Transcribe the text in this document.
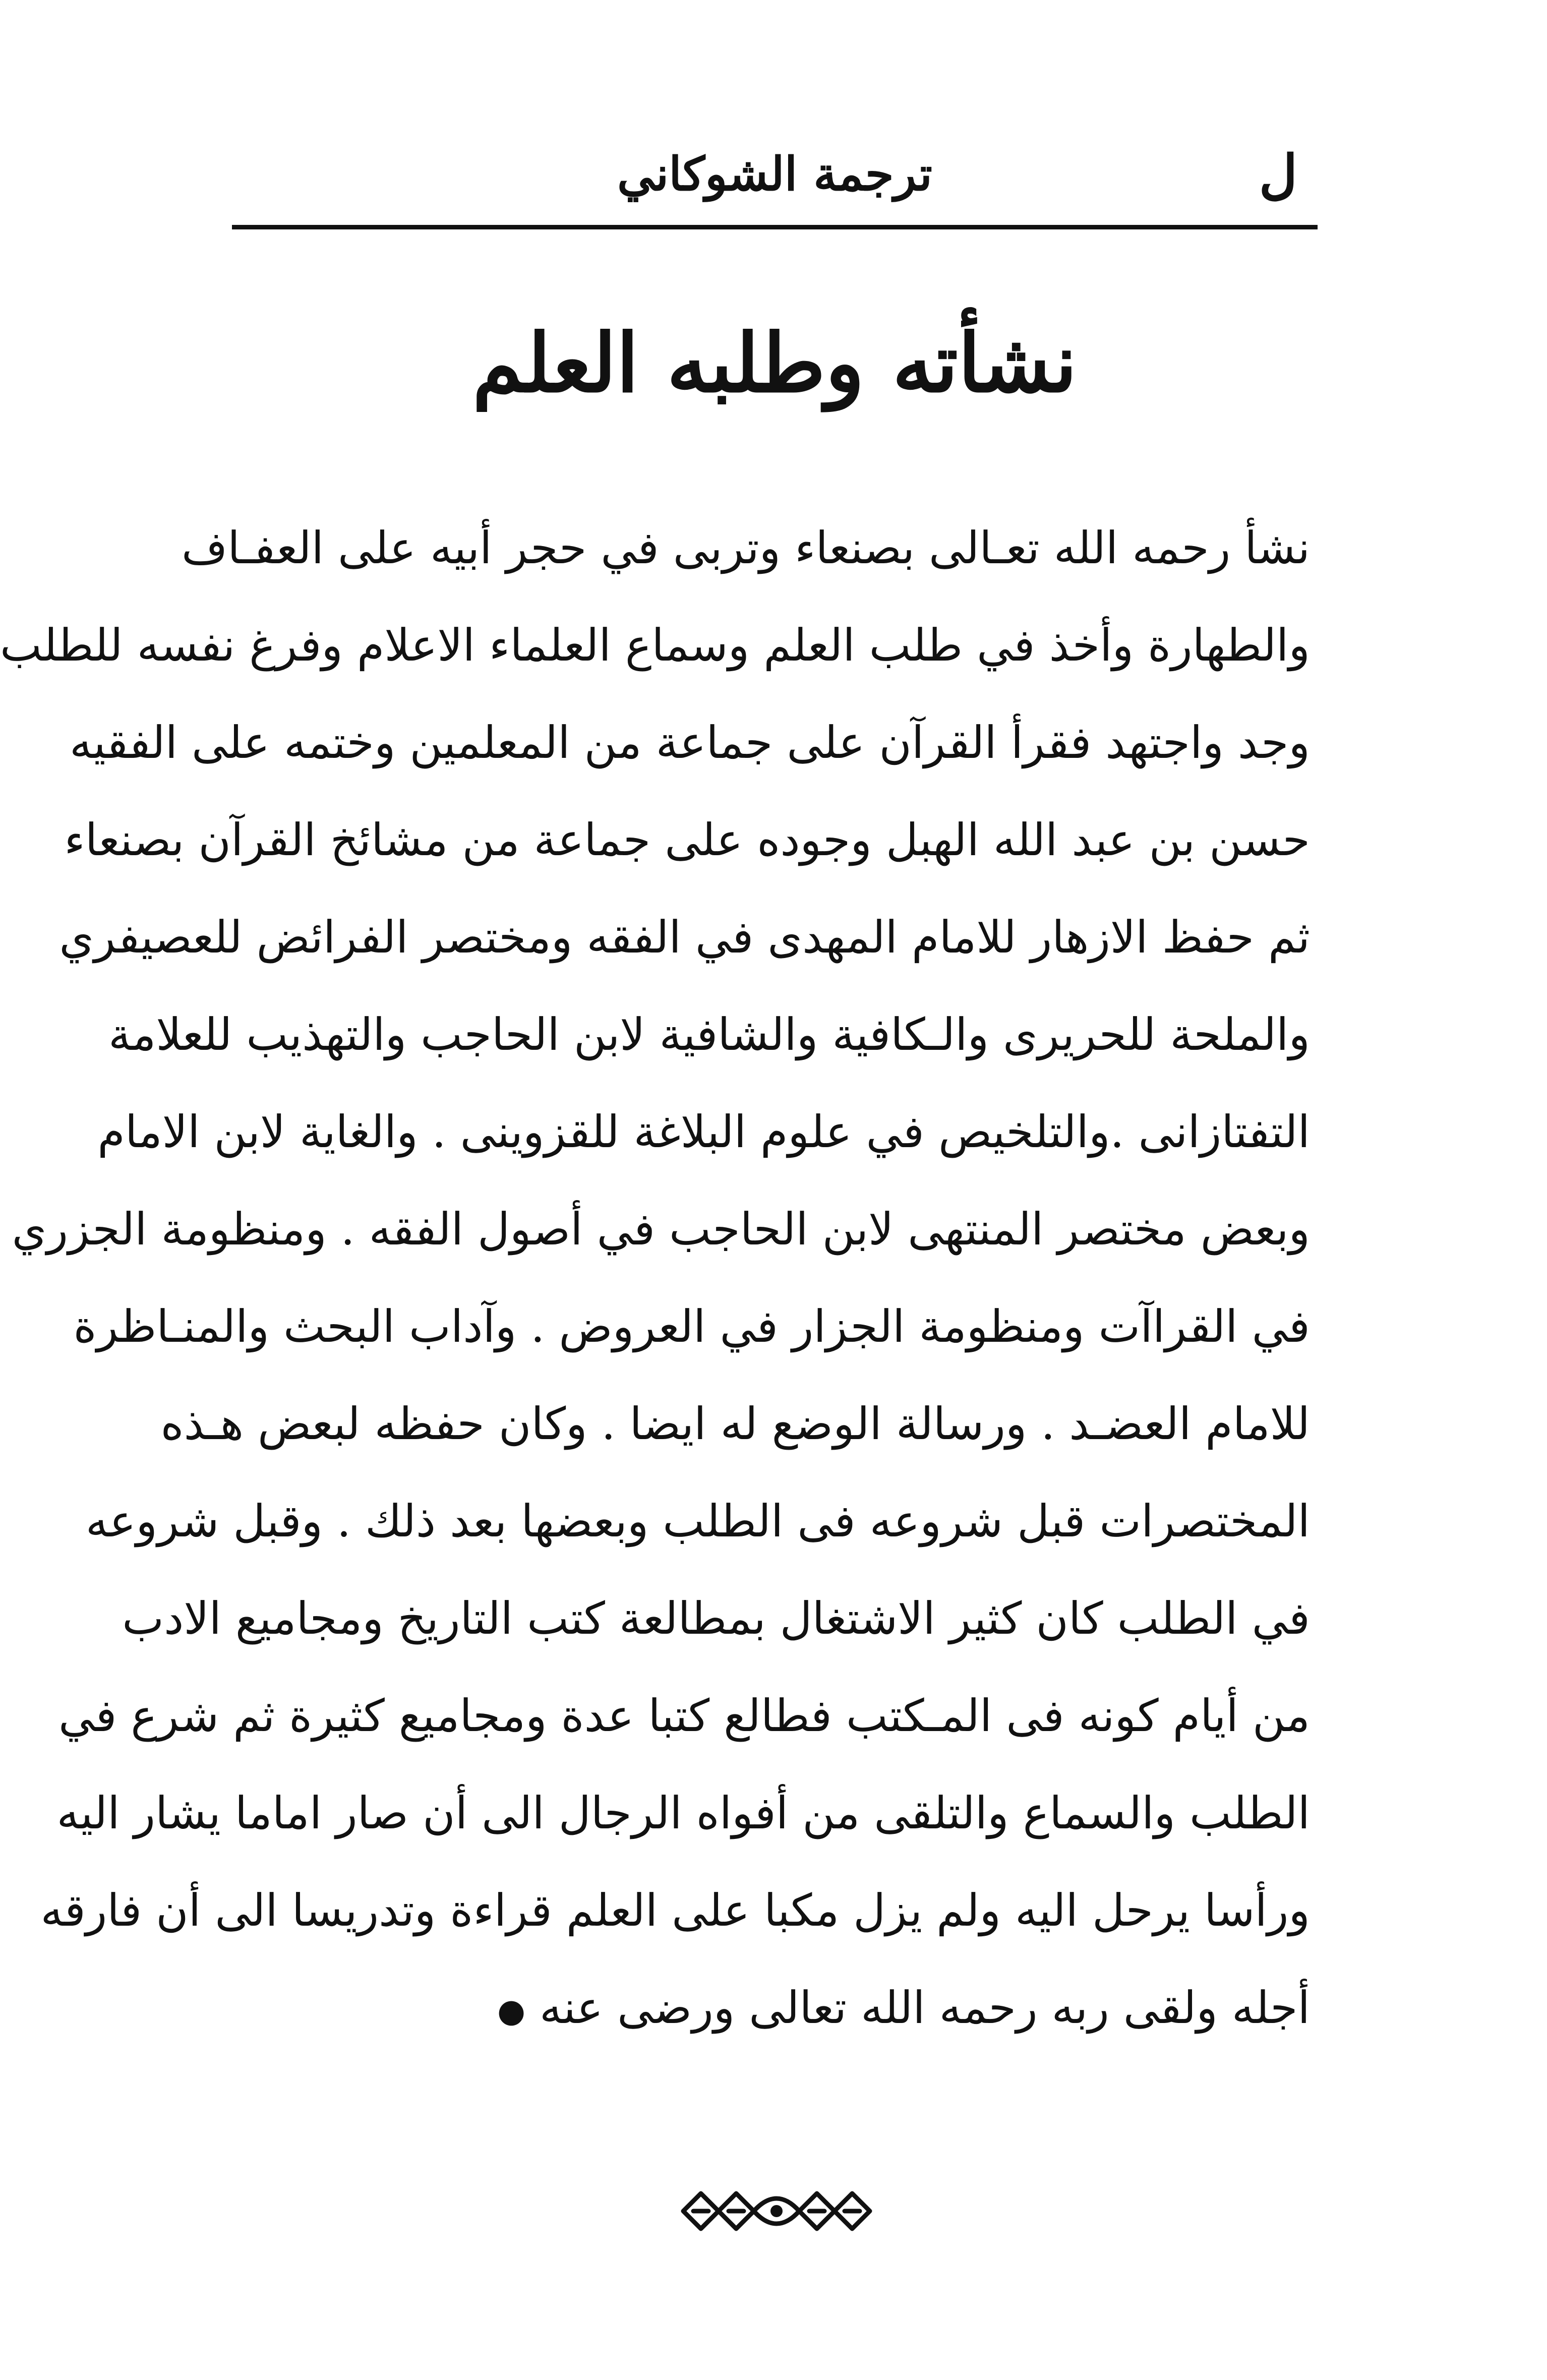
ل
ترجمة الشوكاني
نشأته وطلبه العلم
نشأ رحمه الله تعـالى بصنعاء وتربى في حجر أبيه على العفـاف
والطهارة وأخذ في طلب العلم وسماع العلماء الاعلام وفرغ نفسه للطلب
وجد واجتهد فقرأ القرآن على جماعة من المعلمين وختمه على الفقيه
حسن بن عبد الله الهبل وجوده على جماعة من مشائخ القرآن بصنعاء
ثم حفظ الازهار للامام المهدى في الفقه ومختصر الفرائض للعصيفري
والملحة للحريرى والـكافية والشافية لابن الحاجب والتهذيب للعلامة
التفتازانى .والتلخيص في علوم البلاغة للقزوينى . والغاية لابن الامام
وبعض مختصر المنتهى لابن الحاجب في أصول الفقه . ومنظومة الجزري
في القراآت ومنظومة الجزار في العروض . وآداب البحث والمنـاظرة
للامام العضـد . ورسالة الوضع له ايضا . وكان حفظه لبعض هـذه
المختصرات قبل شروعه فى الطلب وبعضها بعد ذلك . وقبل شروعه
في الطلب كان كثير الاشتغال بمطالعة كتب التاريخ ومجاميع الادب
من أيام كونه فى المـكتب فطالع كتبا عدة ومجاميع كثيرة ثم شرع في
الطلب والسماع والتلقى من أفواه الرجال الى أن صار اماما يشار اليه
ورأسا يرحل اليه ولم يزل مكبا على العلم قراءة وتدريسا الى أن فارقه
أجله ولقى ربه رحمه الله تعالى ورضى عنه ●
